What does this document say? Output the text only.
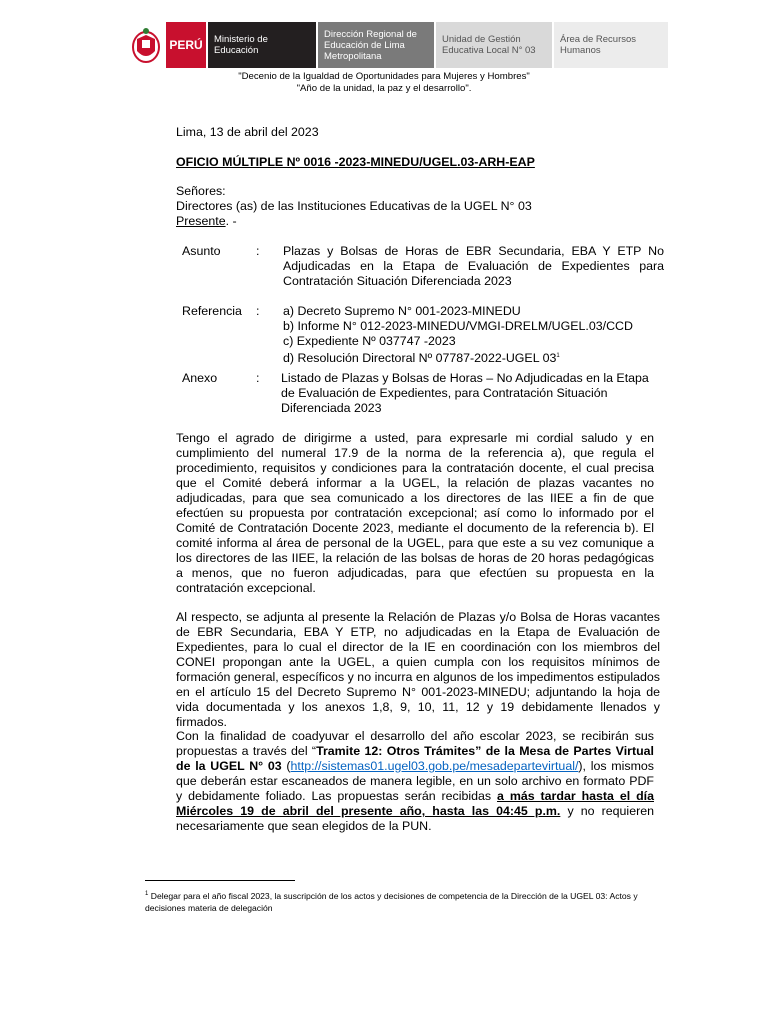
PERÚ	Ministerio de Educación
Dirección Regional de Educación de Lima Metropolitana
Unidad de Gestión Educativa Local N° 03
Área de Recursos Humanos
"Decenio de la Igualdad de Oportunidades para Mujeres y Hombres"
"Año de la unidad, la paz y el desarrollo".
Lima, 13 de abril del 2023
OFICIO MÚLTIPLE Nº 0016 -2023-MINEDU/UGEL.03-ARH-EAP
Señores:
Directores (as) de las Instituciones Educativas de la UGEL N° 03
Presente. -
Asunto	: Plazas y Bolsas de Horas de EBR Secundaria, EBA Y ETP No Adjudicadas en la Etapa de Evaluación de Expedientes para Contratación Situación Diferenciada 2023
Referencia : a) Decreto Supremo N° 001-2023-MINEDU
b) Informe N° 012-2023-MINEDU/VMGI-DRELM/UGEL.03/CCD
c) Expediente Nº 037747 -2023
d) Resolución Directoral Nº 07787-2022-UGEL $03^1$
Anexo	: Listado de Plazas y Bolsas de Horas – No Adjudicadas en la Etapa de Evaluación de Expedientes, para Contratación Situación Diferenciada 2023
Tengo el agrado de dirigirme a usted, para expresarle mi cordial saludo y en cumplimiento del numeral 17.9 de la norma de la referencia a), que regula el procedimiento, requisitos y condiciones para la contratación docente, el cual precisa que el Comité deberá informar a la UGEL, la relación de plazas vacantes no adjudicadas, para que sea comunicado a los directores de las IIEE a fin de que efectúen su propuesta por contratación excepcional; así como lo informado por el Comité de Contratación Docente 2023, mediante el documento de la referencia b). El comité informa al área de personal de la UGEL, para que este a su vez comunique a los directores de las IIEE, la relación de las bolsas de horas de 20 horas pedagógicas a menos, que no fueron adjudicadas, para que efectúen su propuesta en la contratación excepcional.
Al respecto, se adjunta al presente la Relación de Plazas y/o Bolsa de Horas vacantes de EBR Secundaria, EBA Y ETP, no adjudicadas en la Etapa de Evaluación de Expedientes, para lo cual el director de la IE en coordinación con los miembros del CONEI propongan ante la UGEL, a quien cumpla con los requisitos mínimos de formación general, específicos y no incurra en algunos de los impedimentos estipulados en el artículo 15 del Decreto Supremo N° 001-2023-MINEDU; adjuntando la hoja de vida documentada y los anexos 1,8, 9, 10, 11, 12 y 19 debidamente llenados y firmados.
Con la finalidad de coadyuvar el desarrollo del año escolar 2023, se recibirán sus propuestas a través del “Tramite 12: Otros Trámites” de la Mesa de Partes Virtual de la UGEL N° 03 (http://sistemas01.ugel03.gob.pe/mesadepartevirtual/), los mismos que deberán estar escaneados de manera legible, en un solo archivo en formato PDF y debidamente foliado. Las propuestas serán recibidas a más tardar hasta el día Miércoles 19 de abril del presente año, hasta las 04:45 p.m. y no requieren necesariamente que sean elegidos de la PUN.
$^1$ Delegar para el año fiscal 2023, la suscripción de los actos y decisiones de competencia de la Dirección de la UGEL 03: Actos y decisiones materia de delegación
